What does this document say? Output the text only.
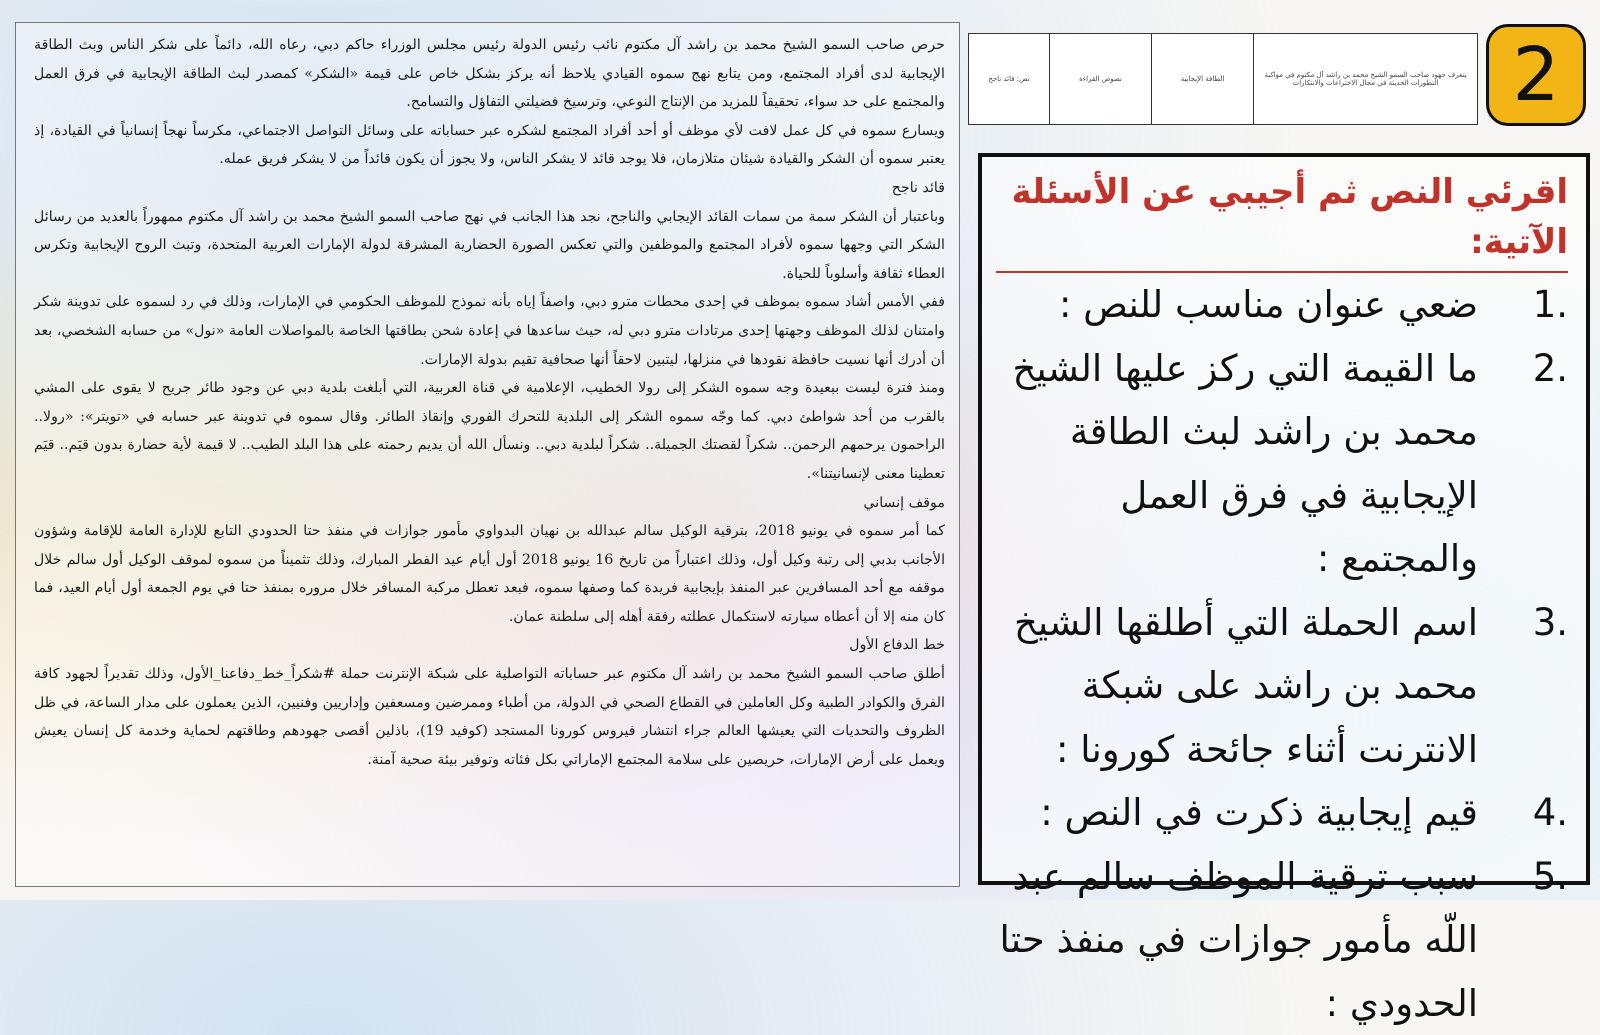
حرص صاحب السمو الشيخ محمد بن راشد آل مكتوم نائب رئيس الدولة رئيس مجلس الوزراء حاكم دبي، رعاه الله، دائماً على شكر الناس وبث الطاقة الإيجابية لدى أفراد المجتمع، ومن يتابع نهج سموه القيادي يلاحظ أنه يركز بشكل خاص على قيمة «الشكر» كمصدر لبث الطاقة الإيجابية في فرق العمل والمجتمع على حد سواء، تحقيقاً للمزيد من الإنتاج النوعي، وترسيخ فضيلتي التفاؤل والتسامح.

ويسارع سموه في كل عمل لافت لأي موظف أو أحد أفراد المجتمع لشكره عبر حساباته على وسائل التواصل الاجتماعي، مكرساً نهجاً إنسانياً في القيادة، إذ يعتبر سموه أن الشكر والقيادة شيئان متلازمان، فلا يوجد قائد لا يشكر الناس، ولا يجوز أن يكون قائداً من لا يشكر فريق عمله.

قائد ناجح

وباعتبار أن الشكر سمة من سمات القائد الإيجابي والناجح، نجد هذا الجانب في نهج صاحب السمو الشيخ محمد بن راشد آل مكتوم ممهوراً بالعديد من رسائل الشكر التي وجهها سموه لأفراد المجتمع والموظفين والتي تعكس الصورة الحضارية المشرقة لدولة الإمارات العربية المتحدة، وتبث الروح الإيجابية وتكرس العطاء ثقافة وأسلوباً للحياة.

ففي الأمس أشاد سموه بموظف في إحدى محطات مترو دبي، واصفاً إياه بأنه نموذج للموظف الحكومي في الإمارات، وذلك في رد لسموه على تدوينة شكر وامتنان لذلك الموظف وجهتها إحدى مرتادات مترو دبي له، حيث ساعدها في إعادة شحن بطاقتها الخاصة بالمواصلات العامة «نول» من حسابه الشخصي، بعد أن أدرك أنها نسيت حافظة نقودها في منزلها، ليتبين لاحقاً أنها صحافية تقيم بدولة الإمارات.

ومنذ فترة ليست ببعيدة وجه سموه الشكر إلى رولا الخطيب، الإعلامية في قناة العربية، التي أبلغت بلدية دبي عن وجود طائر جريح لا يقوى على المشي بالقرب من أحد شواطئ دبي. كما وجّه سموه الشكر إلى البلدية للتحرك الفوري وإنقاذ الطائر. وقال سموه في تدوينة عبر حسابه في «تويتر»: «رولا.. الراحمون يرحمهم الرحمن.. شكراً لقصتك الجميلة.. شكراً لبلدية دبي.. ونسأل الله أن يديم رحمته على هذا البلد الطيب.. لا قيمة لأية حضارة بدون قيَم.. قيَم تعطينا معنى لإنسانيتنا».

موقف إنساني

كما أمر سموه في يونيو 2018، بترقية الوكيل سالم عبدالله بن نهيان البدواوي مأمور جوازات في منفذ حتا الحدودي التابع للإدارة العامة للإقامة وشؤون الأجانب بدبي إلى رتبة وكيل أول، وذلك اعتباراً من تاريخ 16 يونيو 2018 أول أيام عيد الفطر المبارك، وذلك تثميناً من سموه لموقف الوكيل أول سالم خلال موقفه مع أحد المسافرين عبر المنفذ بإيجابية فريدة كما وصفها سموه، فبعد تعطل مركبة المسافر خلال مروره بمنفذ حتا في يوم الجمعة أول أيام العيد، فما كان منه إلا أن أعطاه سيارته لاستكمال عطلته رفقة أهله إلى سلطنة عمان.

خط الدفاع الأول

أطلق صاحب السمو الشيخ محمد بن راشد آل مكتوم عبر حساباته التواصلية على شبكة الإنترنت حملة #شكراً_خط_دفاعنا_الأول، وذلك تقديراً لجهود كافة الفرق والكوادر الطبية وكل العاملين في القطاع الصحي في الدولة، من أطباء وممرضين ومسعفين وإداريين وفنيين، الذين يعملون على مدار الساعة، في ظل الظروف والتحديات التي يعيشها العالم جراء انتشار فيروس كورونا المستجد (كوفيد 19)، باذلين أقصى جهودهم وطاقتهم لحماية وخدمة كل إنسان يعيش ويعمل على أرض الإمارات، حريصين على سلامة المجتمع الإماراتي بكل فئاته وتوفير بيئة صحية آمنة.

يتعرف جهود صاحب السمو الشيخ محمد بن راشد آل مكتوم في مواكبة التطورات الحديثة في مجال الاختراعات والابتكارات
الطاقة الإيجابية
نصوص القراءة
نص: قائد ناجح	2

اقرئي النص ثم أجيبي عن الأسئلة الآتية:

.1
ضعي عنوان مناسب للنص :
.2
ما القيمة التي ركز عليها الشيخ محمد بن راشد لبث الطاقة الإيجابية في فرق العمل والمجتمع :
.3
اسم الحملة التي أطلقها الشيخ محمد بن راشد على شبكة الانترنت أثناء جائحة كورونا :
.4
قيم إيجابية ذكرت في النص :
.5
سبب ترقية الموظف سالم عبد اللّه مأمور جوازات في منفذ حتا الحدودي :
